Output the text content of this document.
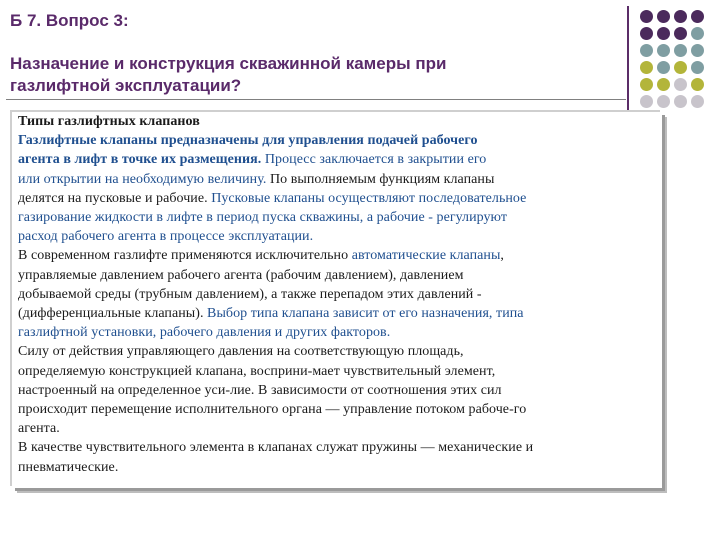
Б 7. Вопрос 3:
Назначение и конструкция скважинной камеры при
газлифтной эксплуатации?
Типы газлифтных клапанов
Газлифтные клапаны предназначены для управления подачей рабочего
агента в лифт в точке их размещения. Процесс заключается в закрытии его
или открытии на необходимую величину. По выполняемым функциям клапаны
делятся на пусковые и рабочие. Пусковые клапаны осуществляют последовательное
газирование жидкости в лифте в период пуска скважины, а рабочие - регулируют
расход рабочего агента в процессе эксплуатации.
В современном газлифте применяются исключительно автоматические клапаны,
управляемые давлением рабочего агента (рабочим давлением), давлением
добываемой среды (трубным давлением), а также перепадом этих давлений -
(дифференциальные клапаны). Выбор типа клапана зависит от его назначения, типа
газлифтной установки, рабочего давления и других факторов.
Силу от действия управляющего давления на соответствующую площадь,
определяемую конструкцией клапана, восприни-мает чувствительный элемент,
настроенный на определенное уси-лие. В зависимости от соотношения этих сил
происходит перемещение исполнительного органа — управление потоком рабоче-го
агента.
В качестве чувствительного элемента в клапанах служат пружины — механические и
пневматические.
